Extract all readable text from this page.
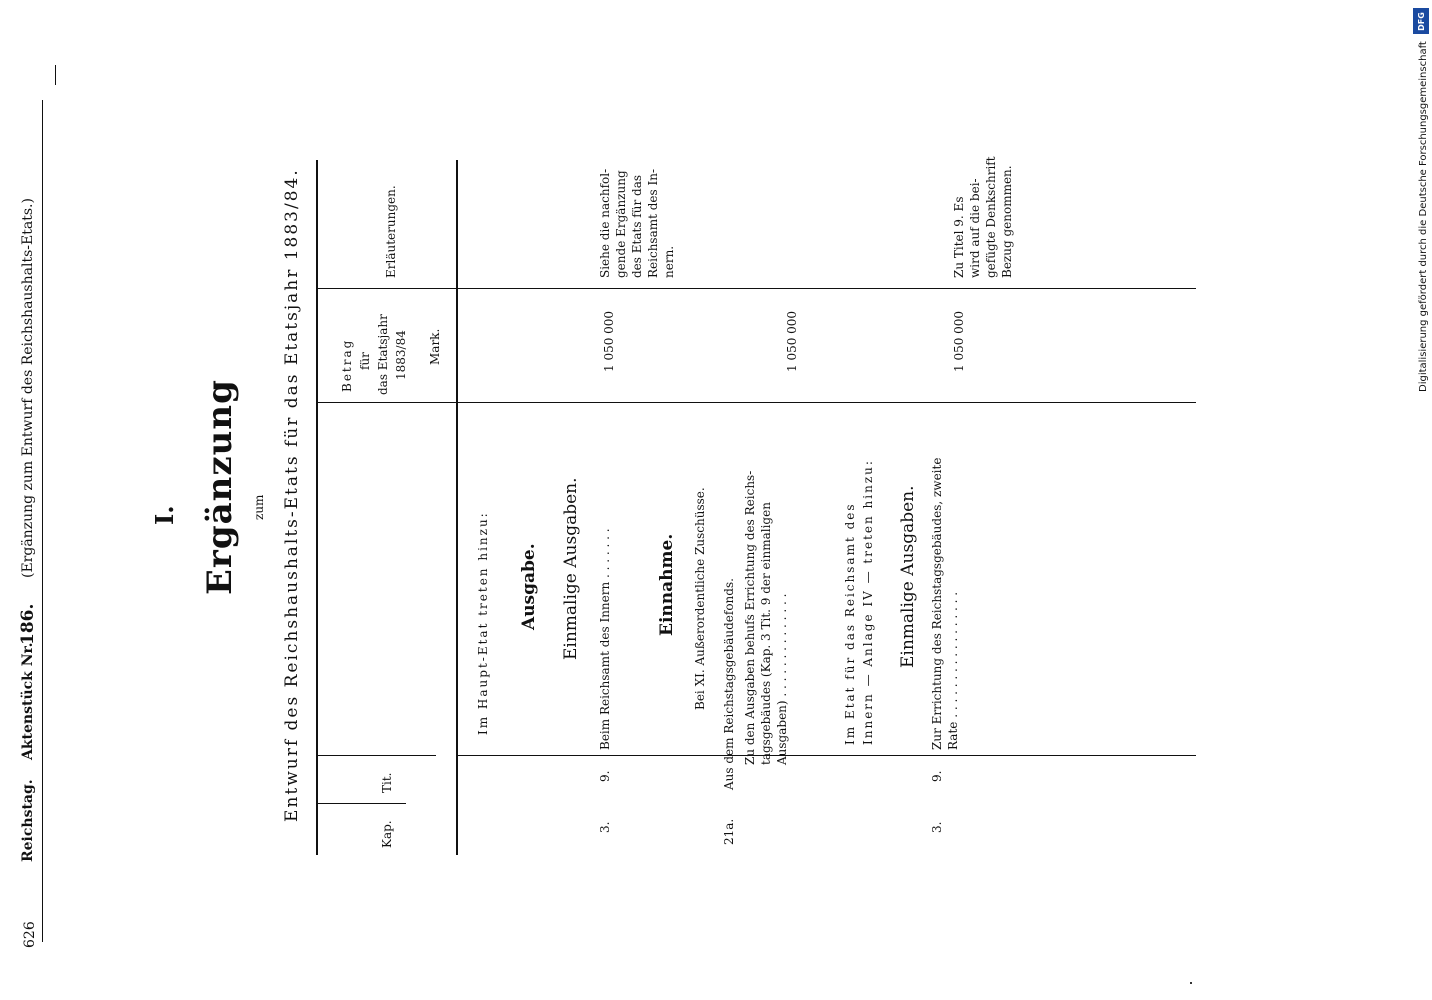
626
Reichstag.
Aktenstück Nr.
186.
(Ergänzung zum Entwurf des Reichshaushalts-Etats.)	I. Ergänzung zum Entwurf des Reichshaushalts-Etats für das Etatsjahr 1883/84.
Kap.
Tit.
Betrag für das Etatsjahr 1883/84 Mark.
Erläuterungen.
Im Haupt-Etat treten hinzu: Ausgabe. Einmalige Ausgaben.
3.
9.
Beim Reichsamt des Innern . . . . . . .
1 050 000
Siehe die nachfol- gende Ergänzung des Etats für das Reichsamt des In- nern.
Einnahme. Bei XI. Außerordentliche Zuschüsse.
21a.
Aus dem Reichstagsgebäudefonds. Zu den Ausgaben behufs Errichtung des Reichs- tagsgebäudes (Kap. 3 Tit. 9 der einmaligen Ausgaben) . . . . . . . . . . . . . .
1 050 000
Im Etat für das Reichsamt des Innern — Anlage IV — treten hinzu: Einmalige Ausgaben.
3.
9.
Zur Errichtung des Reichstagsgebäudes, zweite Rate . . . . . . . . . . . . . . . . .
1 050 000
Zu Titel 9. Es wird auf die bei- gefügte Denkschrift Bezug genommen.	Digitalisierung gefördert durch die Deutsche Forschungsgemeinschaft
DFG
